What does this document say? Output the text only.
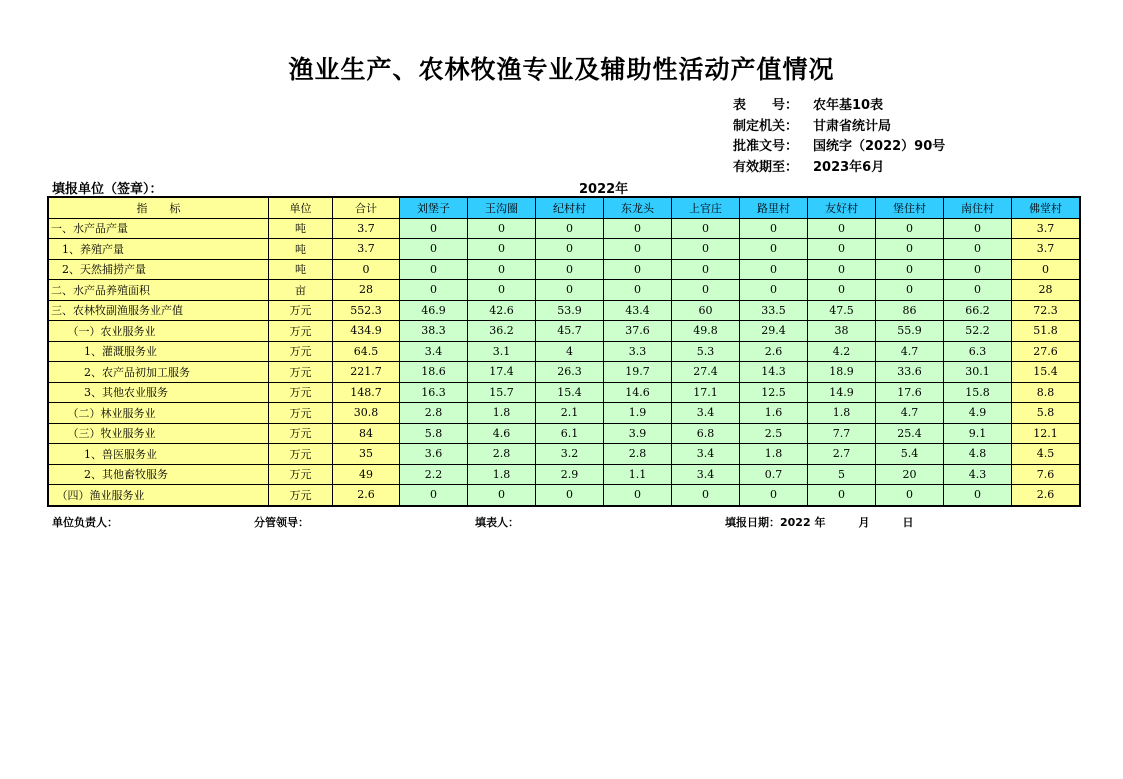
渔业生产、农林牧渔专业及辅助性活动产值情况
表　　号： 农年基10表
制定机关： 甘肃省统计局
批准文号： 国统字（2022）90号
有效期至： 2023年6月
填报单位（签章）：	2022年
指　　标	单位	合计	刘堡子	王沟圈	纪村村	东龙头	上官庄	路里村	友好村	堡住村	南住村	佛堂村
一、水产品产量	吨	3.7	0	0	0	0	0	0	0	0	0	3.7
　1、养殖产量	吨	3.7	0	0	0	0	0	0	0	0	0	3.7
　2、天然捕捞产量	吨	0	0	0	0	0	0	0	0	0	0	0
二、水产品养殖面积	亩	28	0	0	0	0	0	0	0	0	0	28
三、农林牧副渔服务业产值	万元	552.3	46.9	42.6	53.9	43.4	60	33.5	47.5	86	66.2	72.3
　　（一）农业服务业	万元	434.9	38.3	36.2	45.7	37.6	49.8	29.4	38	55.9	52.2	51.8
　　　1、灌溉服务业	万元	64.5	3.4	3.1	4	3.3	5.3	2.6	4.2	4.7	6.3	27.6
　　　2、农产品初加工服务	万元	221.7	18.6	17.4	26.3	19.7	27.4	14.3	18.9	33.6	30.1	15.4
　　　3、其他农业服务	万元	148.7	16.3	15.7	15.4	14.6	17.1	12.5	14.9	17.6	15.8	8.8
　　（二）林业服务业	万元	30.8	2.8	1.8	2.1	1.9	3.4	1.6	1.8	4.7	4.9	5.8
　　（三）牧业服务业	万元	84	5.8	4.6	6.1	3.9	6.8	2.5	7.7	25.4	9.1	12.1
　　　1、兽医服务业	万元	35	3.6	2.8	3.2	2.8	3.4	1.8	2.7	5.4	4.8	4.5
　　　2、其他畜牧服务	万元	49	2.2	1.8	2.9	1.1	3.4	0.7	5	20	4.3	7.6
　（四）渔业服务业	万元	2.6	0	0	0	0	0	0	0	0	0	2.6
单位负责人：	分管领导：	填表人：	填报日期：2022 年　　　月　　　日
